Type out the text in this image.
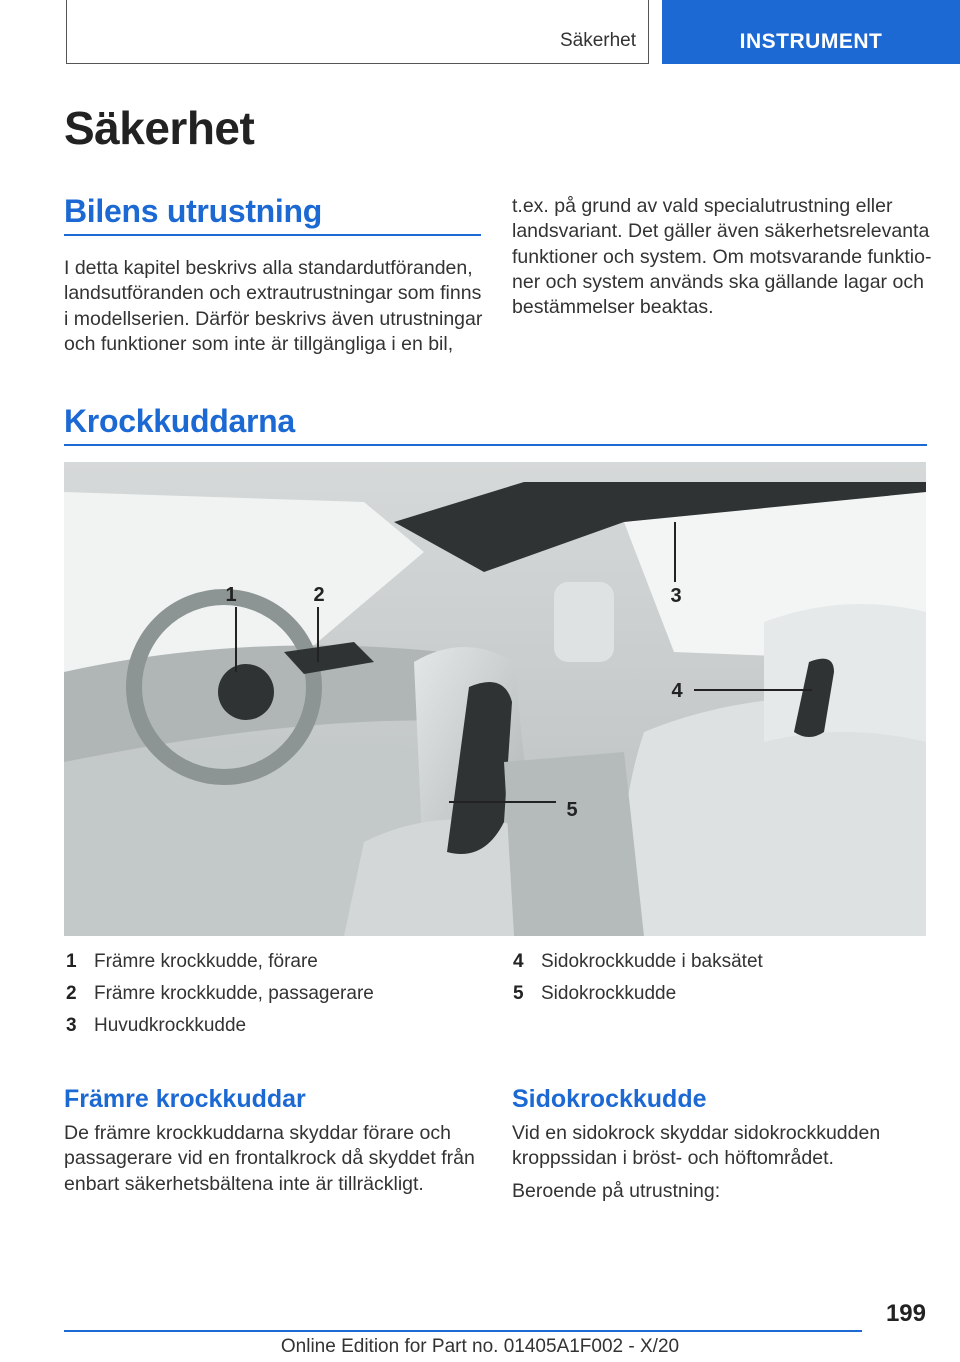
Säkerhet	INSTRUMENT
Säkerhet
Bilens utrustning
I detta kapitel beskrivs alla standardutföranden, landsutföranden och extrautrustningar som finns i modellserien. Därför beskrivs även utrustningar och funktioner som inte är tillgängliga i en bil,
t.ex. på grund av vald specialutrustning eller landsvariant. Det gäller även säkerhetsrelevanta funktioner och system. Om motsvarande funktioner och system används ska gällande lagar och bestämmelser beaktas.
Krockkuddarna
1	2	3
4
5
1 Främre krockkudde, förare
2 Främre krockkudde, passagerare
3 Huvudkrockkudde
4 Sidokrockkudde i baksätet
5 Sidokrockkudde
Främre krockkuddar
De främre krockkuddarna skyddar förare och passagerare vid en frontalkrock då skyddet från enbart säkerhetsbältena inte är tillräckligt.
Sidokrockkudde
Vid en sidokrock skyddar sidokrockkudden kroppssidan i bröst- och höftområdet.
Beroende på utrustning:
199
Online Edition for Part no. 01405A1F002 - X/20
